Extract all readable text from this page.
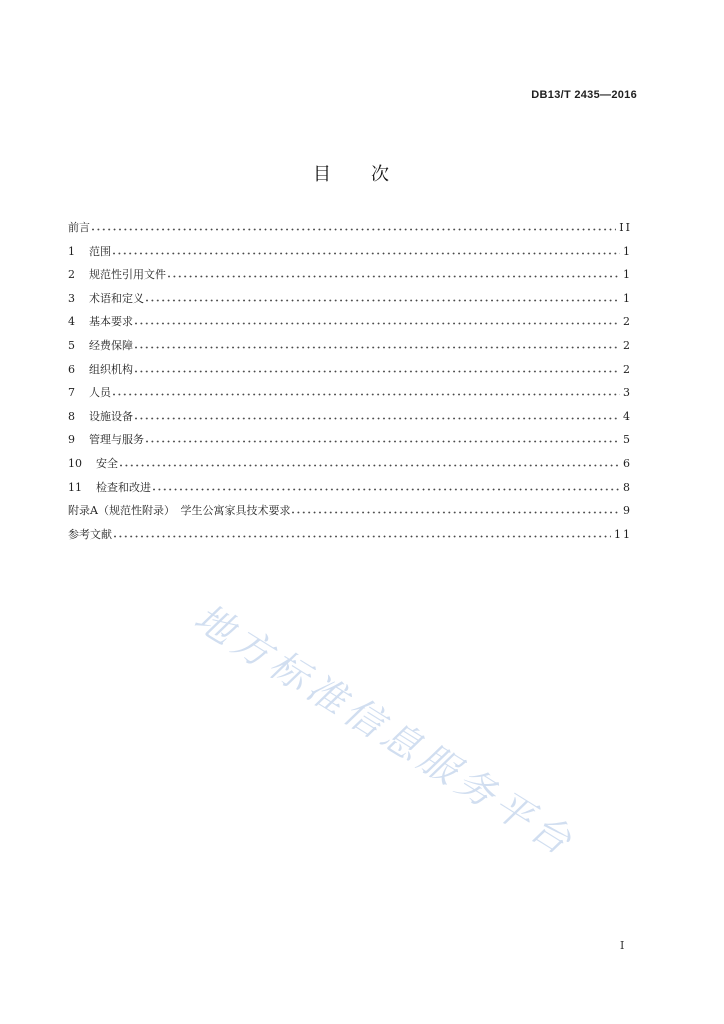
DB13/T 2435—2016
目　次
前言	II
1 范围	1
2 规范性引用文件	1
3 术语和定义	1
4 基本要求	2
5 经费保障	2
6 组织机构	2
7 人员	3
8 设施设备	4
9 管理与服务	5
10 安全	6
11 检查和改进	8
附录A（规范性附录）　学生公寓家具技术要求	9
参考文献	11
地方标准信息服务平台
I
